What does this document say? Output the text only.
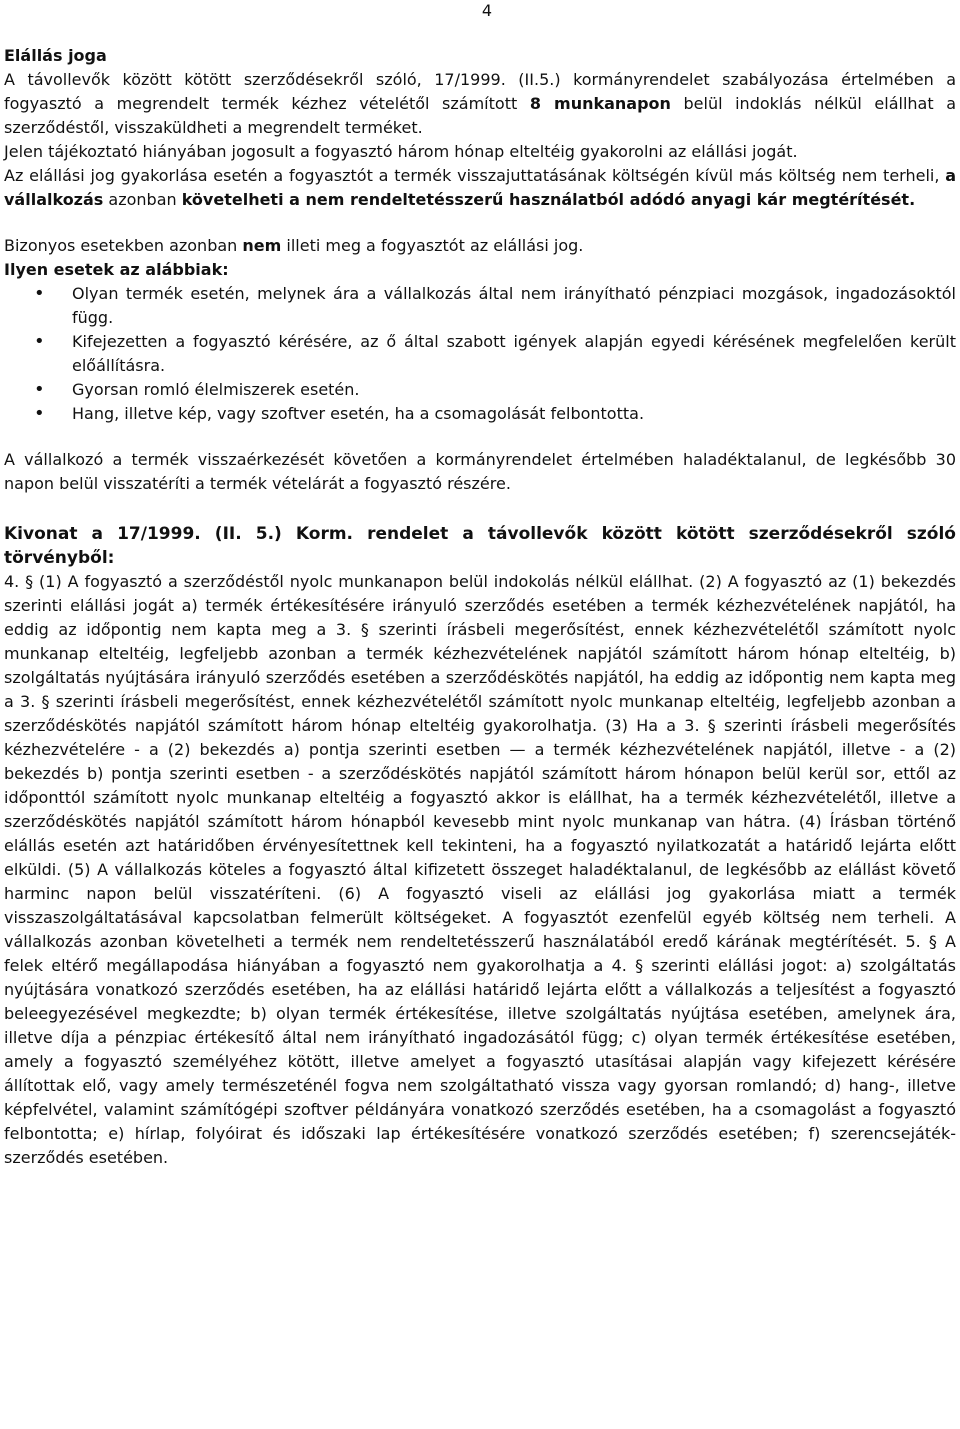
4

Elállás joga

A távollevők között kötött szerződésekről szóló, 17/1999. (II.5.) kormányrendelet szabályozása értelmében a fogyasztó a megrendelt termék kézhez vételétől számított 8 munkanapon belül indoklás nélkül elállhat a szerződéstől, visszaküldheti a megrendelt terméket.

Jelen tájékoztató hiányában jogosult a fogyasztó három hónap elteltéig gyakorolni az elállási jogát.

Az elállási jog gyakorlása esetén a fogyasztót a termék visszajuttatásának költségén kívül más költség nem terheli, a vállalkozás azonban követelheti a nem rendeltetésszerű használatból adódó anyagi kár megtérítését.

Bizonyos esetekben azonban nem illeti meg a fogyasztót az elállási jog.

Ilyen esetek az alábbiak:

• Olyan termék esetén, melynek ára a vállalkozás által nem irányítható pénzpiaci mozgások, ingadozásoktól függ.
• Kifejezetten a fogyasztó kérésére, az ő által szabott igények alapján egyedi kérésének megfelelően került előállításra.
• Gyorsan romló élelmiszerek esetén.
• Hang, illetve kép, vagy szoftver esetén, ha a csomagolását felbontotta.

A vállalkozó a termék visszaérkezését követően a kormányrendelet értelmében haladéktalanul, de legkésőbb 30 napon belül visszatéríti a termék vételárát a fogyasztó részére.

Kivonat a 17/1999. (II. 5.) Korm. rendelet a távollevők között kötött szerződésekről szóló törvényből:

4. § (1) A fogyasztó a szerződéstől nyolc munkanapon belül indokolás nélkül elállhat. (2) A fogyasztó az (1) bekezdés szerinti elállási jogát a) termék értékesítésére irányuló szerződés esetében a termék kézhezvételének napjától, ha eddig az időpontig nem kapta meg a 3. § szerinti írásbeli megerősítést, ennek kézhezvételétől számított nyolc munkanap elteltéig, legfeljebb azonban a termék kézhezvételének napjától számított három hónap elteltéig, b) szolgáltatás nyújtására irányuló szerződés esetében a szerződéskötés napjától, ha eddig az időpontig nem kapta meg a 3. § szerinti írásbeli megerősítést, ennek kézhezvételétől számított nyolc munkanap elteltéig, legfeljebb azonban a szerződéskötés napjától számított három hónap elteltéig gyakorolhatja. (3) Ha a 3. § szerinti írásbeli megerősítés kézhezvételére - a (2) bekezdés a) pontja szerinti esetben — a termék kézhezvételének napjától, illetve - a (2) bekezdés b) pontja szerinti esetben - a szerződéskötés napjától számított három hónapon belül kerül sor, ettől az időponttól számított nyolc munkanap elteltéig a fogyasztó akkor is elállhat, ha a termék kézhezvételétől, illetve a szerződéskötés napjától számított három hónapból kevesebb mint nyolc munkanap van hátra. (4) Írásban történő elállás esetén azt határidőben érvényesítettnek kell tekinteni, ha a fogyasztó nyilatkozatát a határidő lejárta előtt elküldi. (5) A vállalkozás köteles a fogyasztó által kifizetett összeget haladéktalanul, de legkésőbb az elállást követő harminc napon belül visszatéríteni. (6) A fogyasztó viseli az elállási jog gyakorlása miatt a termék visszaszolgáltatásával kapcsolatban felmerült költségeket. A fogyasztót ezenfelül egyéb költség nem terheli. A vállalkozás azonban követelheti a termék nem rendeltetésszerű használatából eredő kárának megtérítését. 5. § A felek eltérő megállapodása hiányában a fogyasztó nem gyakorolhatja a 4. § szerinti elállási jogot: a) szolgáltatás nyújtására vonatkozó szerződés esetében, ha az elállási határidő lejárta előtt a vállalkozás a teljesítést a fogyasztó beleegyezésével megkezdte; b) olyan termék értékesítése, illetve szolgáltatás nyújtása esetében, amelynek ára, illetve díja a pénzpiac értékesítő által nem irányítható ingadozásától függ; c) olyan termék értékesítése esetében, amely a fogyasztó személyéhez kötött, illetve amelyet a fogyasztó utasításai alapján vagy kifejezett kérésére állítottak elő, vagy amely természeténél fogva nem szolgáltatható vissza vagy gyorsan romlandó; d) hang-, illetve képfelvétel, valamint számítógépi szoftver példányára vonatkozó szerződés esetében, ha a csomagolást a fogyasztó felbontotta; e) hírlap, folyóirat és időszaki lap értékesítésére vonatkozó szerződés esetében; f) szerencsejáték-szerződés esetében.
